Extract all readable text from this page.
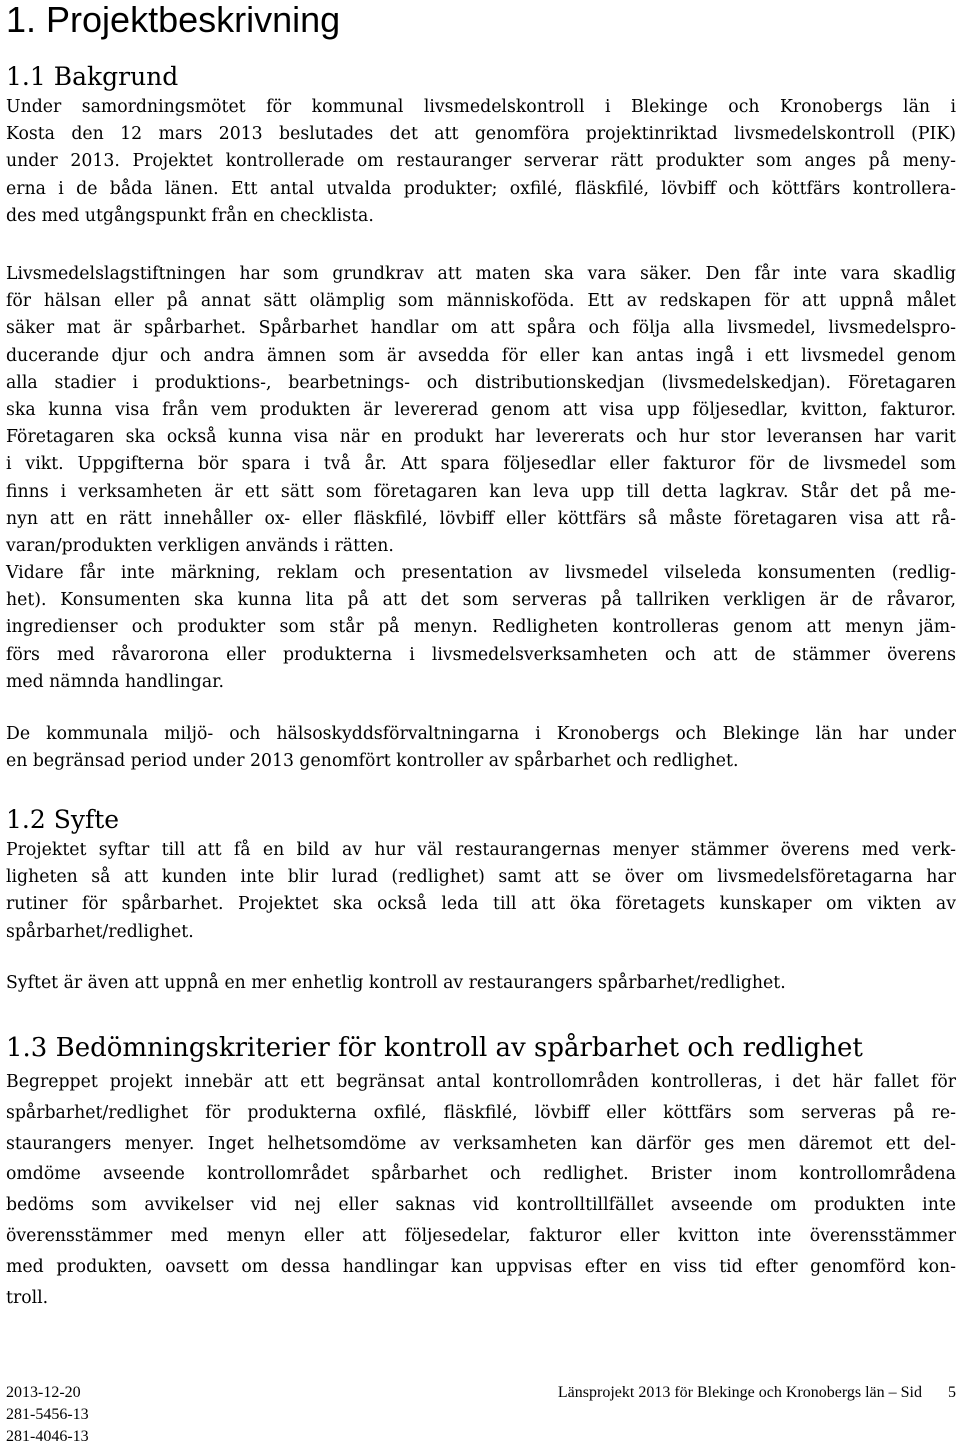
1. Projektbeskrivning
1.1 Bakgrund
Under samordningsmötet för kommunal livsmedelskontroll i Blekinge och Kronobergs län i
Kosta den 12 mars 2013 beslutades det att genomföra projektinriktad livsmedelskontroll (PIK)
under 2013. Projektet kontrollerade om restauranger serverar rätt produkter som anges på meny-
erna i de båda länen. Ett antal utvalda produkter; oxfilé, fläskfilé, lövbiff och köttfärs kontrollera-
des med utgångspunkt från en checklista.
Livsmedelslagstiftningen har som grundkrav att maten ska vara säker. Den får inte vara skadlig
för hälsan eller på annat sätt olämplig som människoföda. Ett av redskapen för att uppnå målet
säker mat är spårbarhet. Spårbarhet handlar om att spåra och följa alla livsmedel, livsmedelspro-
ducerande djur och andra ämnen som är avsedda för eller kan antas ingå i ett livsmedel genom
alla stadier i produktions-, bearbetnings- och distributionskedjan (livsmedelskedjan). Företagaren
ska kunna visa från vem produkten är levererad genom att visa upp följesedlar, kvitton, fakturor.
Företagaren ska också kunna visa när en produkt har levererats och hur stor leveransen har varit
i vikt. Uppgifterna bör spara i två år. Att spara följesedlar eller fakturor för de livsmedel som
finns i verksamheten är ett sätt som företagaren kan leva upp till detta lagkrav. Står det på me-
nyn att en rätt innehåller ox- eller fläskfilé, lövbiff eller köttfärs så måste företagaren visa att rå-
varan/produkten verkligen används i rätten.
Vidare får inte märkning, reklam och presentation av livsmedel vilseleda konsumenten (redlig-
het). Konsumenten ska kunna lita på att det som serveras på tallriken verkligen är de råvaror,
ingredienser och produkter som står på menyn. Redligheten kontrolleras genom att menyn jäm-
förs med råvarorona eller produkterna i livsmedelsverksamheten och att de stämmer överens
med nämnda handlingar.
De kommunala miljö- och hälsoskyddsförvaltningarna i Kronobergs och Blekinge län har under
en begränsad period under 2013 genomfört kontroller av spårbarhet och redlighet.
1.2 Syfte
Projektet syftar till att få en bild av hur väl restaurangernas menyer stämmer överens med verk-
ligheten så att kunden inte blir lurad (redlighet) samt att se över om livsmedelsföretagarna har
rutiner för spårbarhet. Projektet ska också leda till att öka företagets kunskaper om vikten av
spårbarhet/redlighet.
Syftet är även att uppnå en mer enhetlig kontroll av restaurangers spårbarhet/redlighet.
1.3 Bedömningskriterier för kontroll av spårbarhet och redlighet
Begreppet projekt innebär att ett begränsat antal kontrollområden kontrolleras, i det här fallet för
spårbarhet/redlighet för produkterna oxfilé, fläskfilé, lövbiff eller köttfärs som serveras på re-
staurangers menyer. Inget helhetsomdöme av verksamheten kan därför ges men däremot ett del-
omdöme avseende kontrollområdet spårbarhet och redlighet. Brister inom kontrollområdena
bedöms som avvikelser vid nej eller saknas vid kontrolltillfället avseende om produkten inte
överensstämmer med menyn eller att följesedelar, fakturor eller kvitton inte överensstämmer
med produkten, oavsett om dessa handlingar kan uppvisas efter en viss tid efter genomförd kon-
troll.
2013-12-20
281-5456-13
281-4046-13
Länsprojekt 2013 för Blekinge och Kronobergs län – Sid 5
